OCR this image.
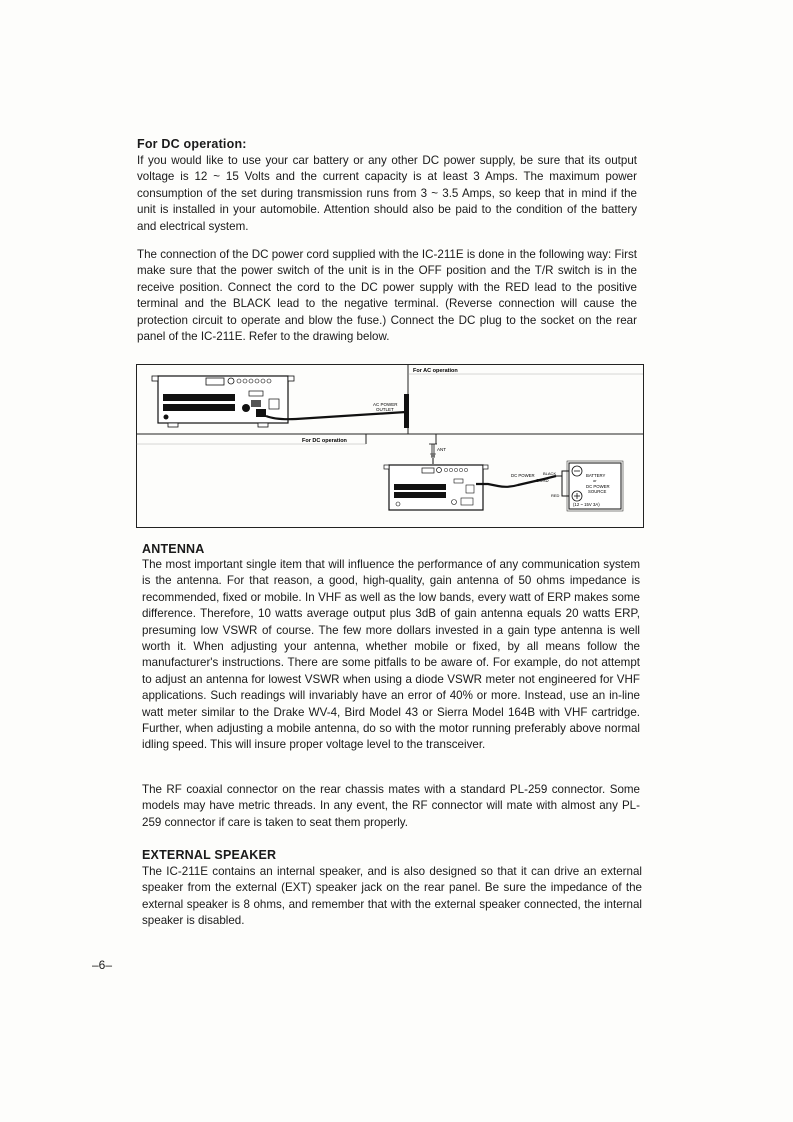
For DC operation:

If you would like to use your car battery or any other DC power supply, be sure that its output voltage is 12 ~ 15 Volts and the current capacity is at least 3 Amps. The maximum power consumption of the set during transmission runs from 3 ~ 3.5 Amps, so keep that in mind if the unit is installed in your automobile. Attention should also be paid to the condition of the battery and electrical system.

The connection of the DC power cord supplied with the IC-211E is done in the following way: First make sure that the power switch of the unit is in the OFF position and the T/R switch is in the receive position. Connect the cord to the DC power supply with the RED lead to the positive terminal and the BLACK lead to the negative terminal. (Reverse connection will cause the protection circuit to operate and blow the fuse.) Connect the DC plug to the socket on the rear panel of the IC-211E. Refer to the drawing below.

For AC operation
For DC operation
AC POWER
OUTLET
ANT
DC POWER
CORD
BLACK
RED
BATTERY
or
DC POWER
SOURCE
(12 ~ 15V 3A)
ANTENNA

The most important single item that will influence the performance of any communication system is the antenna. For that reason, a good, high-quality, gain antenna of 50 ohms impedance is recommended, fixed or mobile. In VHF as well as the low bands, every watt of ERP makes some difference. Therefore, 10 watts average output plus 3dB of gain antenna equals 20 watts ERP, presuming low VSWR of course. The few more dollars invested in a gain type antenna is well worth it. When adjusting your antenna, whether mobile or fixed, by all means follow the manufacturer's instructions. There are some pitfalls to be aware of. For example, do not attempt to adjust an antenna for lowest VSWR when using a diode VSWR meter not engineered for VHF applications. Such readings will invariably have an error of 40% or more. Instead, use an in-line watt meter similar to the Drake WV-4, Bird Model 43 or Sierra Model 164B with VHF cartridge. Further, when adjusting a mobile antenna, do so with the motor running preferably above normal idling speed. This will insure proper voltage level to the transceiver.

The RF coaxial connector on the rear chassis mates with a standard PL-259 connector. Some models may have metric threads. In any event, the RF connector will mate with almost any PL-259 connector if care is taken to seat them properly.

EXTERNAL SPEAKER

The IC-211E contains an internal speaker, and is also designed so that it can drive an external speaker from the external (EXT) speaker jack on the rear panel. Be sure the impedance of the external speaker is 8 ohms, and remember that with the external speaker connected, the internal speaker is disabled.

–6–
